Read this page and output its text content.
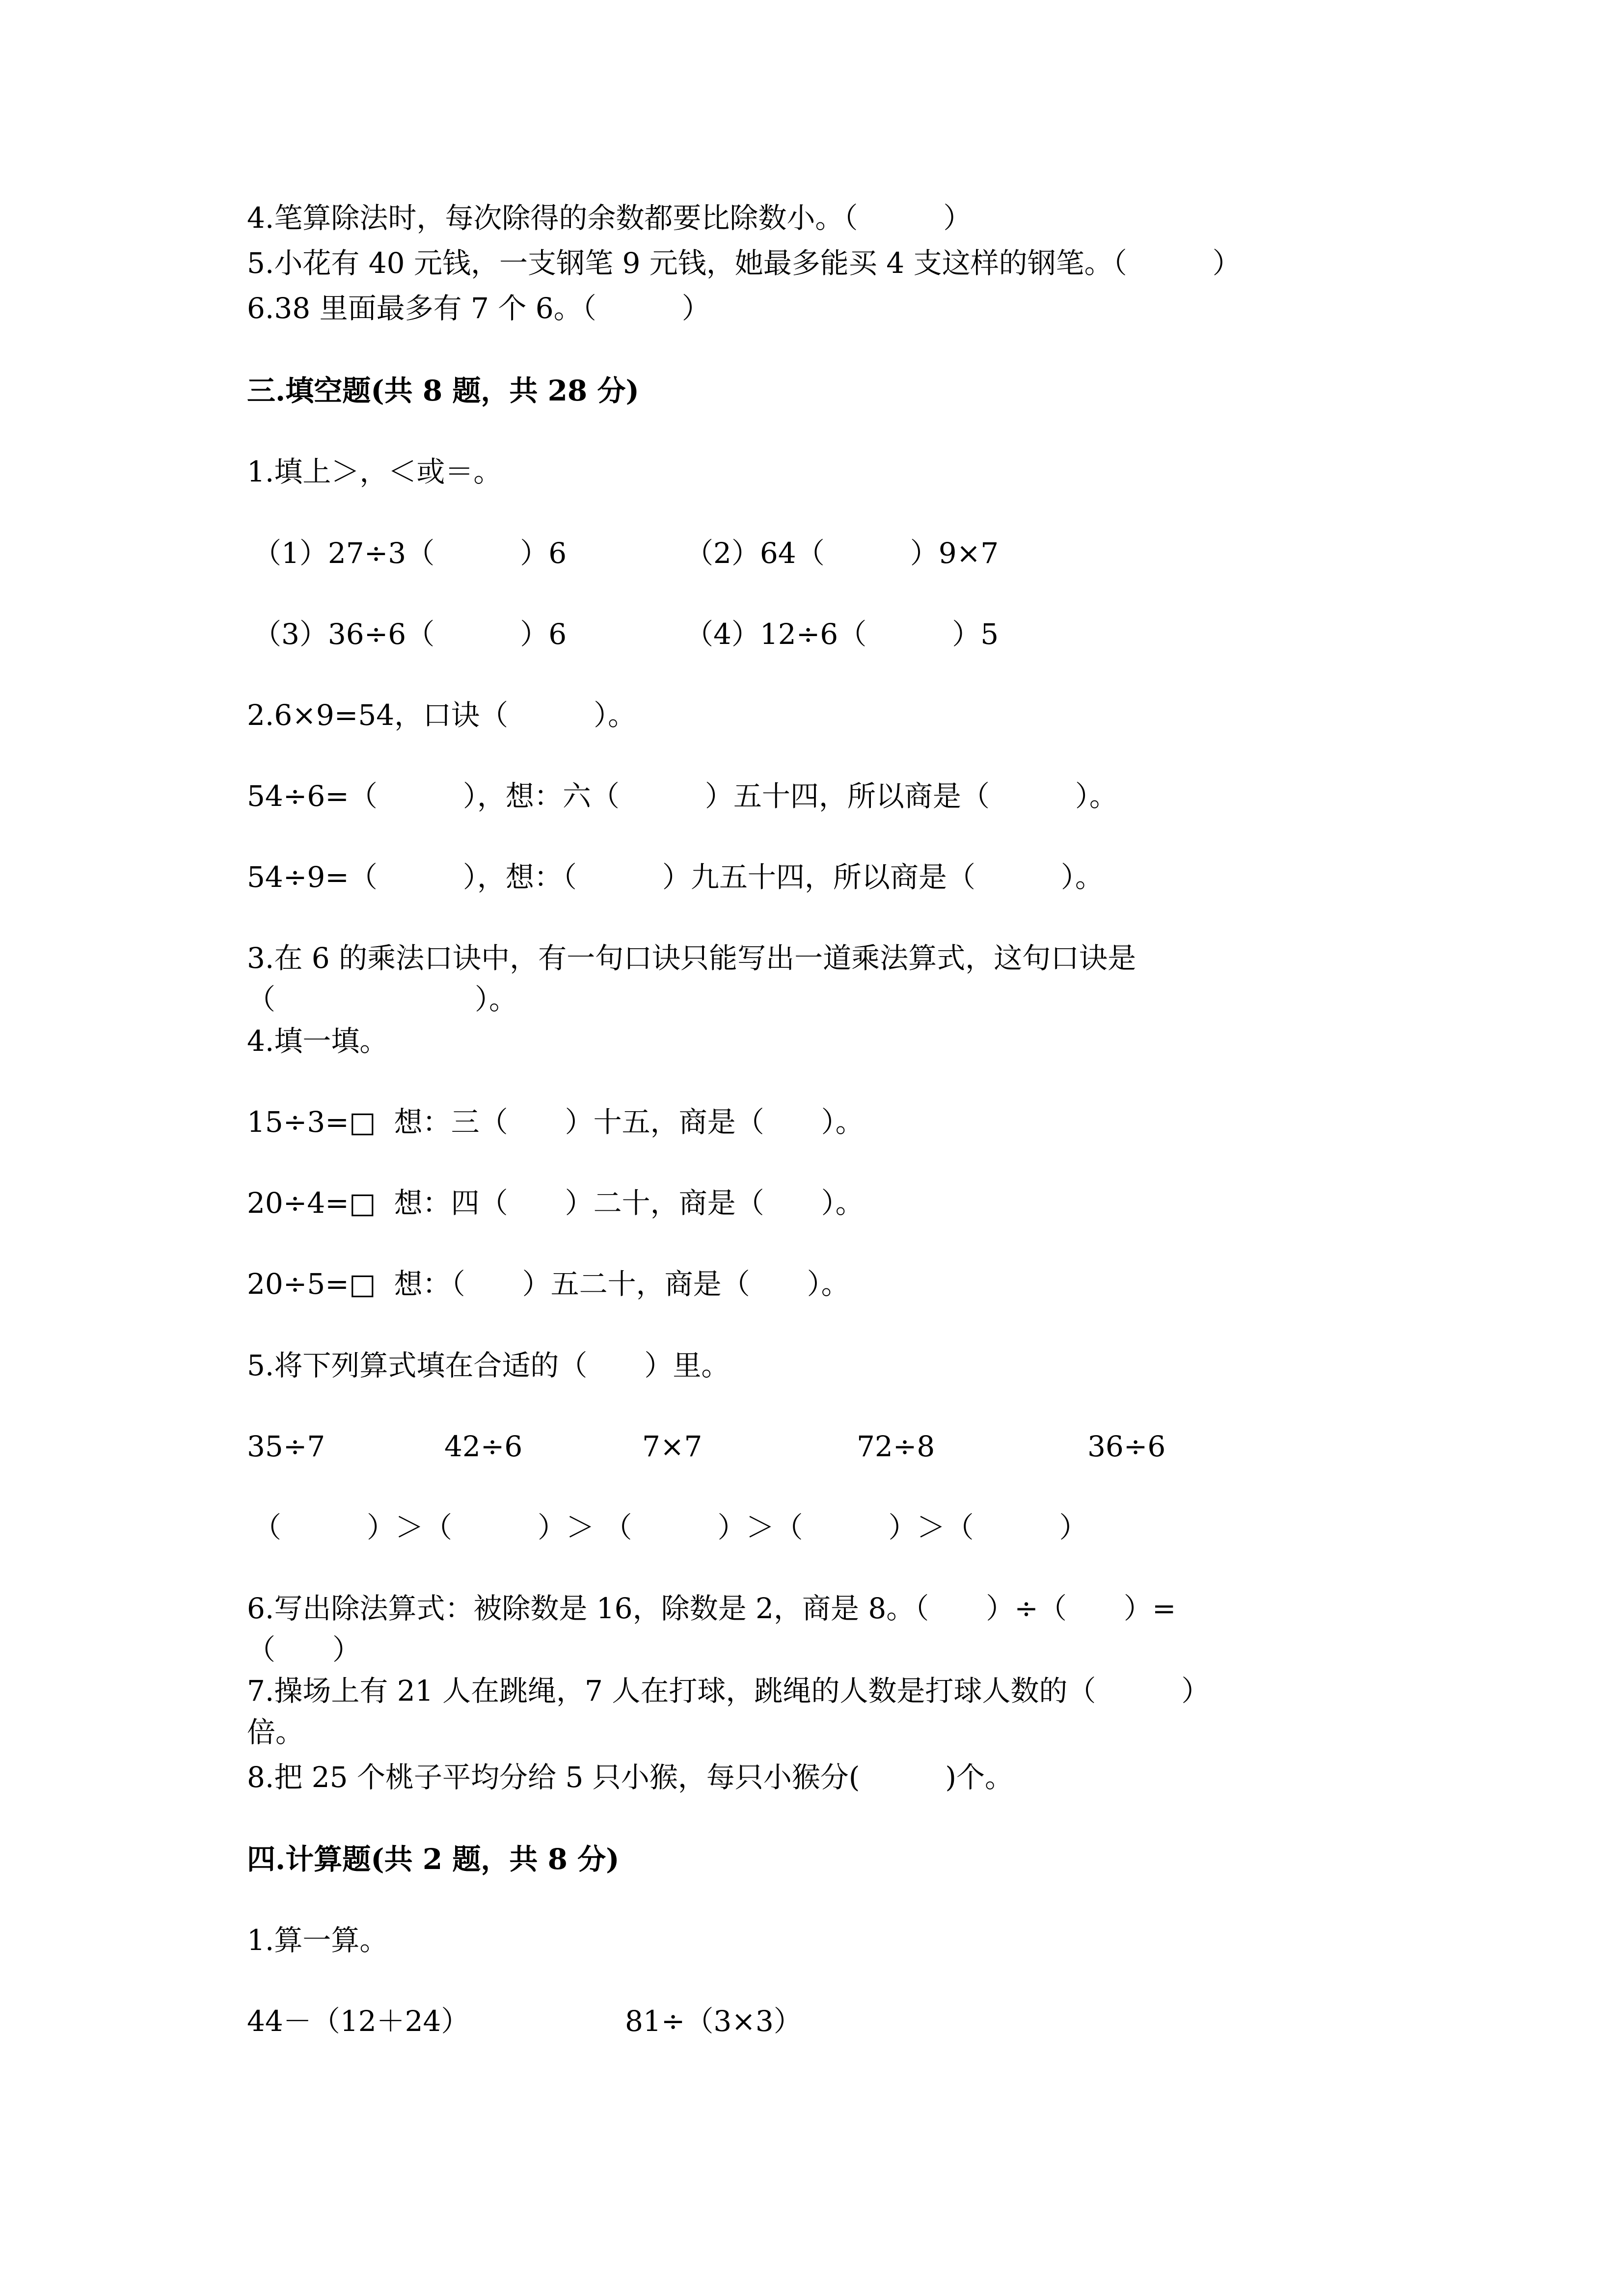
4.笔算除法时，每次除得的余数都要比除数小。（　　　）
5.小花有 40 元钱，一支钢笔 9 元钱，她最多能买 4 支这样的钢笔。（　　　）
6.38 里面最多有 7 个 6。（　　　）
三.填空题(共 8 题，共 28 分)
1.填上＞，＜或＝。
（1）27÷3（　　　）6	（2）64（　　　）9×7
（3）36÷6（　　　）6	（4）12÷6（　　　）5
2.6×9=54，口诀（　　　）。
54÷6=（　　　），想：六（　　　）五十四，所以商是（　　　）。
54÷9=（　　　），想：（　　　）九五十四，所以商是（　　　）。
3.在 6 的乘法口诀中，有一句口诀只能写出一道乘法算式，这句口诀是
（　　　　　　　）。
4.填一填。
15÷3=□  想：三（　　）十五，商是（　　）。
20÷4=□  想：四（　　）二十，商是（　　）。
20÷5=□  想：（　　）五二十，商是（　　）。
5.将下列算式填在合适的（　　）里。
35÷7	42÷6	7×7	72÷8	36÷6
（　　　）＞（　　　）＞ （　　　）＞（　　　）＞（　　　）
6.写出除法算式：被除数是 16，除数是 2，商是 8。（　　）÷（　　）=
（　　）
7.操场上有 21 人在跳绳，7 人在打球，跳绳的人数是打球人数的（　　　）
倍。
8.把 25 个桃子平均分给 5 只小猴，每只小猴分(　　　)个。
四.计算题(共 2 题，共 8 分)
1.算一算。
44－（12＋24）	81÷（3×3）
